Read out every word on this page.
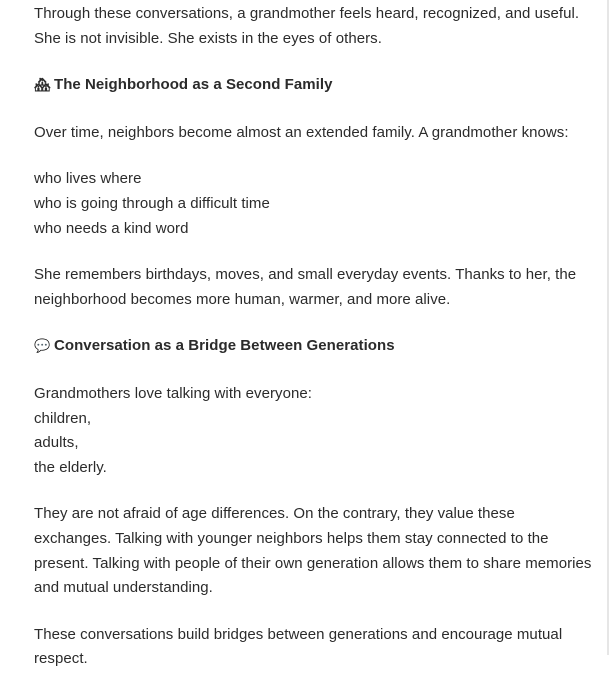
Through these conversations, a grandmother feels heard, recognized, and useful. She is not invisible. She exists in the eyes of others.

🏘 The Neighborhood as a Second Family

Over time, neighbors become almost an extended family. A grandmother knows:

who lives where
who is going through a difficult time
who needs a kind word

She remembers birthdays, moves, and small everyday events. Thanks to her, the neighborhood becomes more human, warmer, and more alive.

💬 Conversation as a Bridge Between Generations

Grandmothers love talking with everyone:
children,
adults,
the elderly.

They are not afraid of age differences. On the contrary, they value these exchanges. Talking with younger neighbors helps them stay connected to the present. Talking with people of their own generation allows them to share memories and mutual understanding.

These conversations build bridges between generations and encourage mutual respect.
